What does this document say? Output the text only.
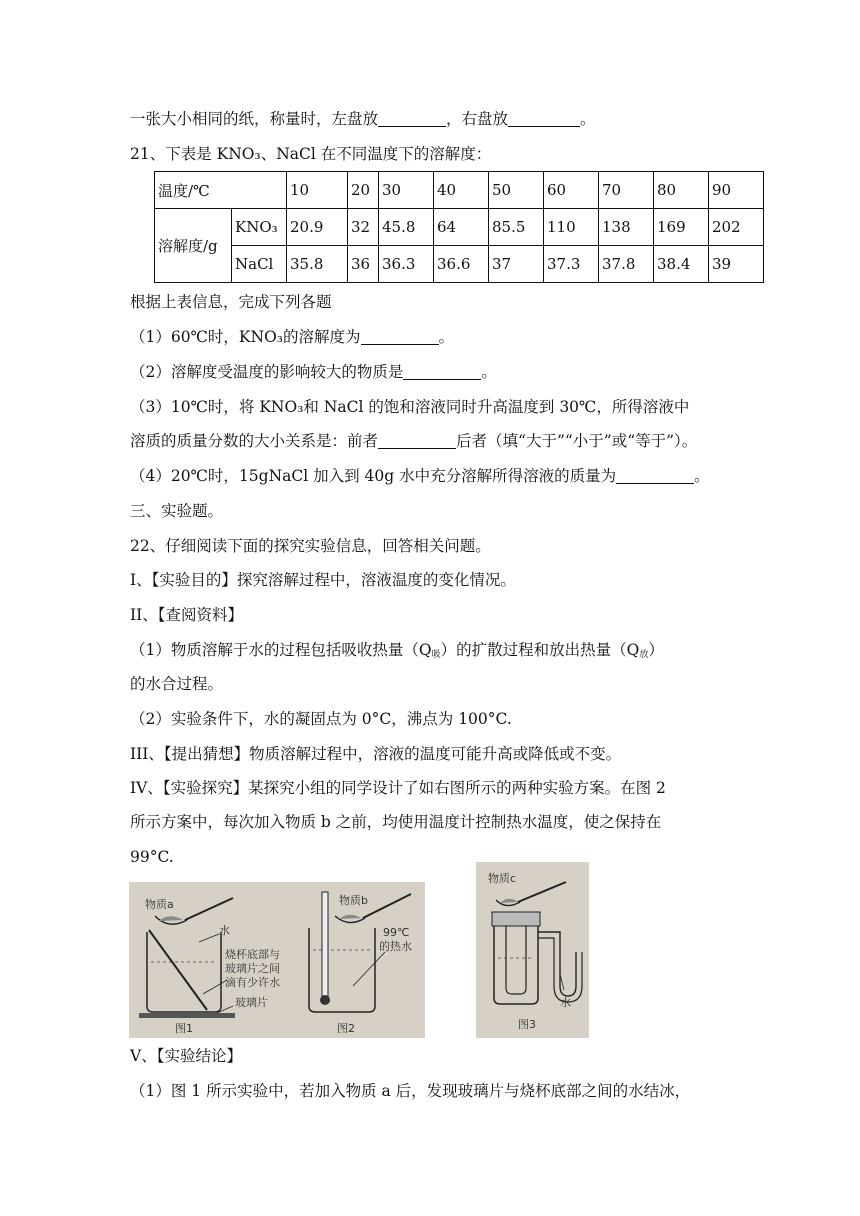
一张大小相同的纸，称量时，左盘放	，右盘放	。
21、下表是 KNO₃、NaCl 在不同温度下的溶解度：
温度/℃		10	20	30	40	50	60	70	80	90
溶解度/g	KNO₃	20.9	32	45.8	64	85.5	110	138	169	202
	NaCl	35.8	36	36.3	36.6	37	37.3	37.8	38.4	39
根据上表信息，完成下列各题
（1）60℃时，KNO₃的溶解度为	。
（2）溶解度受温度的影响较大的物质是	。
（3）10℃时，将 KNO₃和 NaCl 的饱和溶液同时升高温度到 30℃，所得溶液中
溶质的质量分数的大小关系是：前者	后者（填“大于”“小于”或“等于”）。
（4）20℃时，15gNaCl 加入到 40g 水中充分溶解所得溶液的质量为	。
三、实验题。
22、仔细阅读下面的探究实验信息，回答相关问题。
I、【实验目的】探究溶解过程中，溶液温度的变化情况。
II、【查阅资料】
（1）物质溶解于水的过程包括吸收热量$(Q_吸)$的扩散过程和放出热量$(Q_放)$
的水合过程。
（2）实验条件下，水的凝固点为 0°C，沸点为 100°C.
III、【提出猜想】物质溶解过程中，溶液的温度可能升高或降低或不变。
IV、【实验探究】某探究小组的同学设计了如右图所示的两种实验方案。在图 2
所示方案中，每次加入物质 b 之前，均使用温度计控制热水温度，使之保持在
99°C.
物质a
水
烧杯底部与
玻璃片之间
滴有少许水
玻璃片
图1
物质b
99℃
的热水
图2
物质c
水
图3
V、【实验结论】
（1）图 1 所示实验中，若加入物质 a 后，发现玻璃片与烧杯底部之间的水结冰，
